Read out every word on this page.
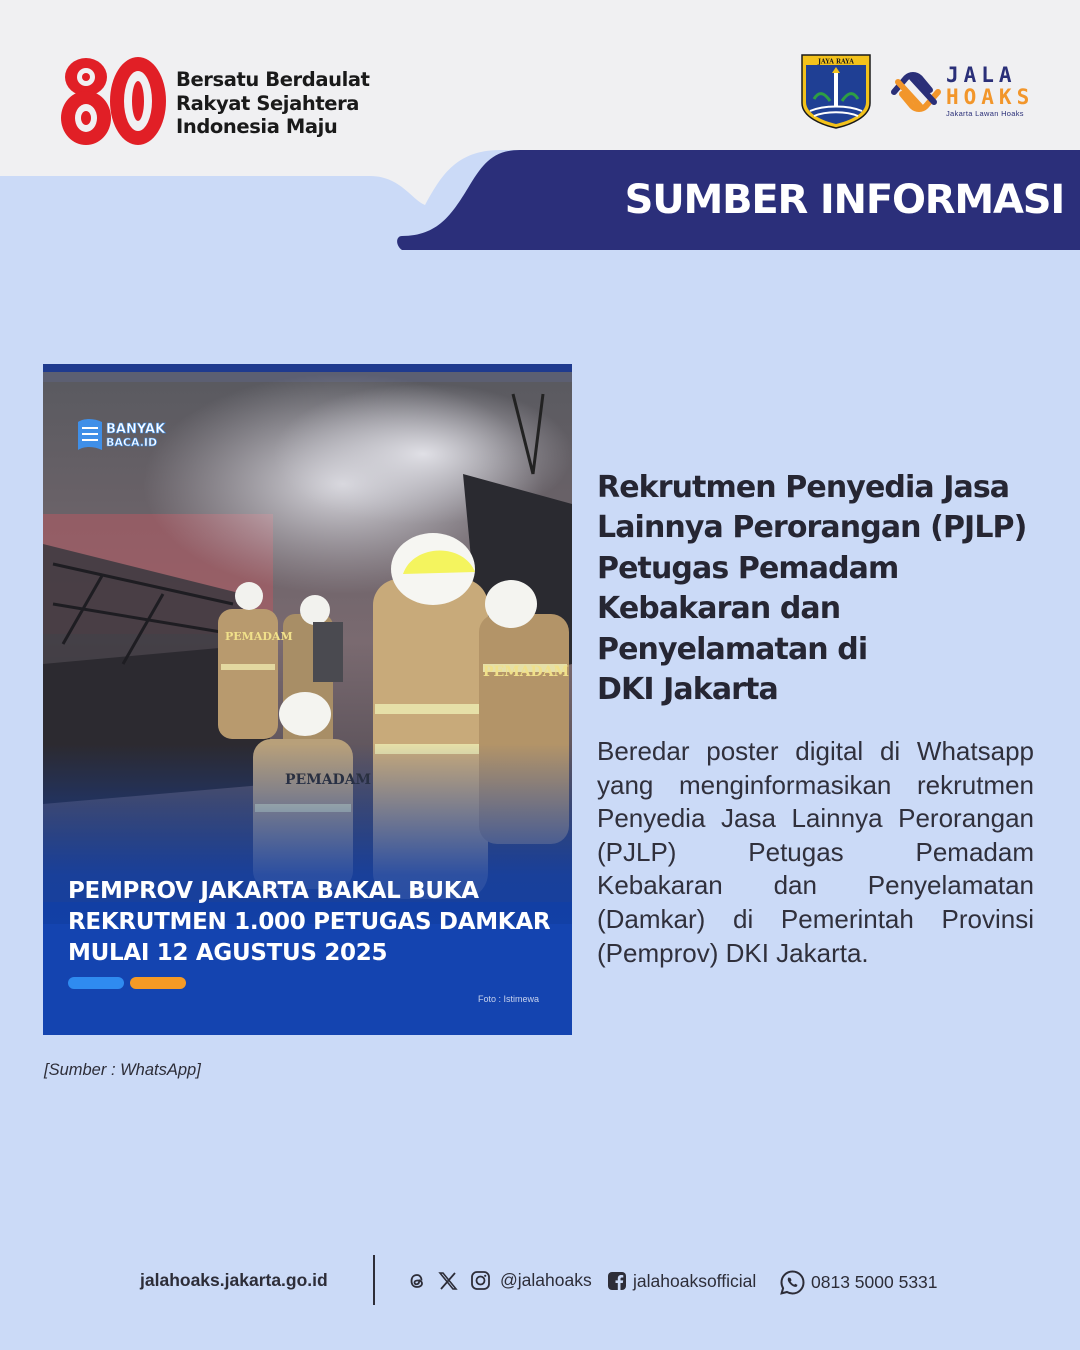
Bersatu Berdaulat
Rakyat Sejahtera
Indonesia Maju
JAYA RAYA
JALA
HOAKS
Jakarta Lawan Hoaks
SUMBER INFORMASI
PEMADAM
PEMADAM
BANYAK
BACA.ID
PEMPROV JAKARTA BAKAL BUKA
REKRUTMEN 1.000 PETUGAS DAMKAR
MULAI 12 AGUSTUS 2025
Foto : Istimewa
[Sumber : WhatsApp]
Rekrutmen Penyedia Jasa
Lainnya Perorangan (PJLP)
Petugas Pemadam
Kebakaran dan
Penyelamatan di
DKI Jakarta
Beredar poster digital di Whatsapp yang menginformasikan rekrutmen Penyedia Jasa Lainnya Perorangan (PJLP) Petugas Pemadam Kebakaran dan Penyelamatan (Damkar) di Pemerintah Provinsi (Pemprov) DKI Jakarta.
jalahoaks.jakarta.go.id	@jalahoaks jalahoaksofficial	0813 5000 5331
